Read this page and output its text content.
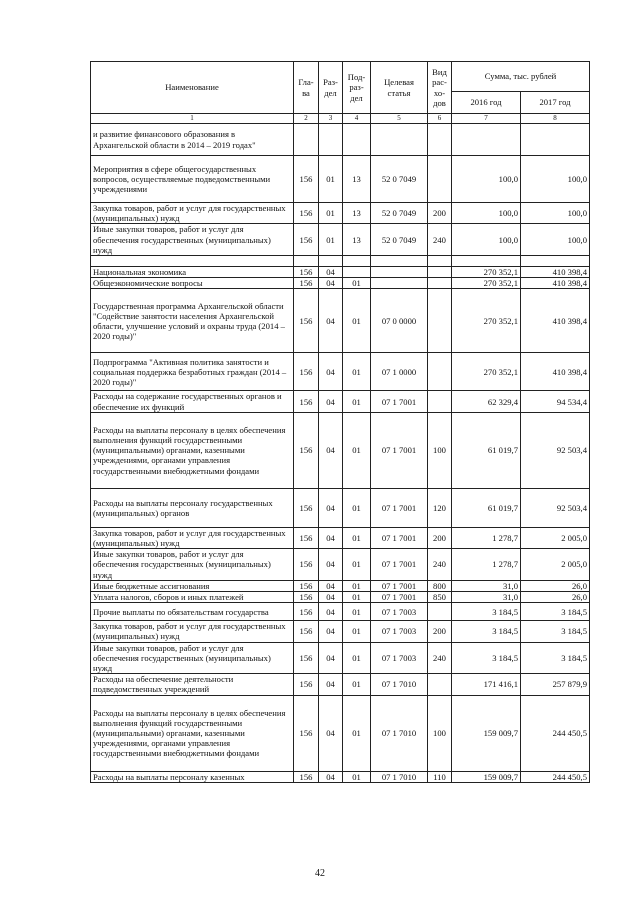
Наименование	Гла-ва	Раз-дел	Под-раз-дел	Целевая статья	Вид рас-хо-дов	Сумма, тыс. рублей	
						2016 год	2017 год
1	2	3	4	5	6	7	8
и развитие финансового образования в Архангельской области в 2014 – 2019 годах"							
Мероприятия в сфере общегосударственных вопросов, осуществляемые подведомственными учреждениями	156	01	13	52 0 7049		100,0	100,0
Закупка товаров, работ и услуг для государственных (муниципальных) нужд	156	01	13	52 0 7049	200	100,0	100,0
Иные закупки товаров, работ и услуг для обеспечения государственных (муниципальных) нужд	156	01	13	52 0 7049	240	100,0	100,0

Национальная экономика	156	04				270 352,1	410 398,4
Общеэкономические вопросы	156	04	01			270 352,1	410 398,4
Государственная программа Архангельской области "Содействие занятости населения Архангельской области, улучшение условий и охраны труда (2014 – 2020 годы)"	156	04	01	07 0 0000		270 352,1	410 398,4
Подпрограмма "Активная политика занятости и социальная поддержка безработных граждан (2014 – 2020 годы)"	156	04	01	07 1 0000		270 352,1	410 398,4
Расходы на содержание государственных органов и обеспечение их функций	156	04	01	07 1 7001		62 329,4	94 534,4
Расходы на выплаты персоналу в целях обеспечения выполнения функций государственными (муниципальными) органами, казенными учреждениями, органами управления государственными внебюджетными фондами	156	04	01	07 1 7001	100	61 019,7	92 503,4
Расходы на выплаты персоналу государственных (муниципальных) органов	156	04	01	07 1 7001	120	61 019,7	92 503,4
Закупка товаров, работ и услуг для государственных (муниципальных) нужд	156	04	01	07 1 7001	200	1 278,7	2 005,0
Иные закупки товаров, работ и услуг для обеспечения государственных (муниципальных) нужд	156	04	01	07 1 7001	240	1 278,7	2 005,0
Иные бюджетные ассигнования	156	04	01	07 1 7001	800	31,0	26,0
Уплата налогов, сборов и иных платежей	156	04	01	07 1 7001	850	31,0	26,0
Прочие выплаты по обязательствам государства	156	04	01	07 1 7003		3 184,5	3 184,5
Закупка товаров, работ и услуг для государственных (муниципальных) нужд	156	04	01	07 1 7003	200	3 184,5	3 184,5
Иные закупки товаров, работ и услуг для обеспечения государственных (муниципальных) нужд	156	04	01	07 1 7003	240	3 184,5	3 184,5
Расходы на обеспечение деятельности подведомственных учреждений	156	04	01	07 1 7010		171 416,1	257 879,9
Расходы на выплаты персоналу в целях обеспечения выполнения функций государственными (муниципальными) органами, казенными учреждениями, органами управления государственными внебюджетными фондами	156	04	01	07 1 7010	100	159 009,7	244 450,5
Расходы на выплаты персоналу казенных	156	04	01	07 1 7010	110	159 009,7	244 450,5
42
